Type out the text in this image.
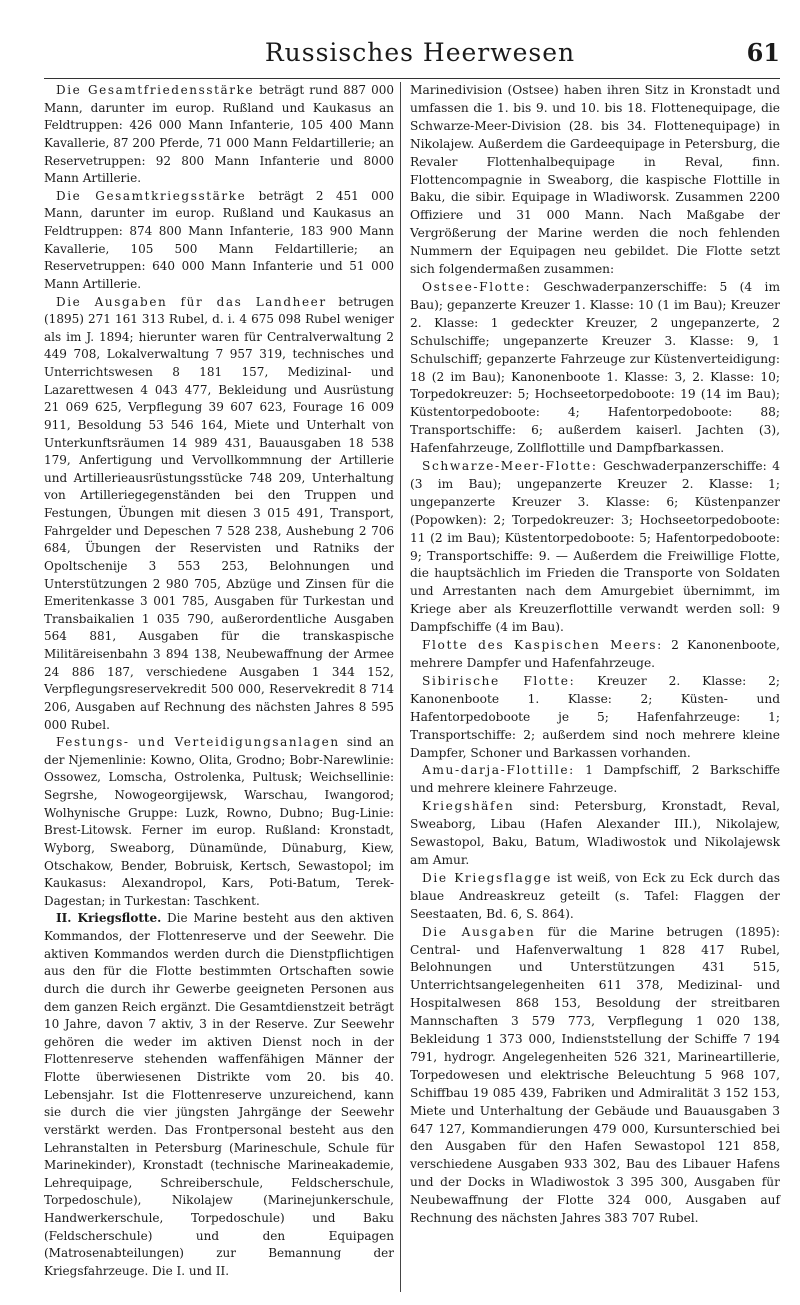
Russisches Heerwesen	61

Die Gesamtfriedensstärke beträgt rund 887 000 Mann, darunter im europ. Rußland und Kaukasus an Feldtruppen: 426 000 Mann Infanterie, 105 400 Mann Kavallerie, 87 200 Pferde, 71 000 Mann Feldartillerie; an Reservetruppen: 92 800 Mann Infanterie und 8000 Mann Artillerie.

Die Gesamtkriegsstärke beträgt 2 451 000 Mann, darunter im europ. Rußland und Kaukasus an Feldtruppen: 874 800 Mann Infanterie, 183 900 Mann Kavallerie, 105 500 Mann Feldartillerie; an Reservetruppen: 640 000 Mann Infanterie und 51 000 Mann Artillerie.

Die Ausgaben für das Landheer betrugen (1895) 271 161 313 Rubel, d. i. 4 675 098 Rubel weniger als im J. 1894; hierunter waren für Centralverwaltung 2 449 708, Lokalverwaltung 7 957 319, technisches und Unterrichtswesen 8 181 157, Medizinal- und Lazarettwesen 4 043 477, Bekleidung und Ausrüstung 21 069 625, Verpflegung 39 607 623, Fourage 16 009 911, Besoldung 53 546 164, Miete und Unterhalt von Unterkunftsräumen 14 989 431, Bauausgaben 18 538 179, Anfertigung und Vervollkommnung der Artillerie und Artillerieausrüstungsstücke 748 209, Unterhaltung von Artilleriegegenständen bei den Truppen und Festungen, Übungen mit diesen 3 015 491, Transport, Fahrgelder und Depeschen 7 528 238, Aushebung 2 706 684, Übungen der Reservisten und Ratniks der Opoltschenije 3 553 253, Belohnungen und Unterstützungen 2 980 705, Abzüge und Zinsen für die Emeritenkasse 3 001 785, Ausgaben für Turkestan und Transbaikalien 1 035 790, außerordentliche Ausgaben 564 881, Ausgaben für die transkaspische Militäreisenbahn 3 894 138, Neubewaffnung der Armee 24 886 187, verschiedene Ausgaben 1 344 152, Verpflegungsreservekredit 500 000, Reservekredit 8 714 206, Ausgaben auf Rechnung des nächsten Jahres 8 595 000 Rubel.

Festungs- und Verteidigungsanlagen sind an der Njemenlinie: Kowno, Olita, Grodno; Bobr-Narewlinie: Ossowez, Lomscha, Ostrolenka, Pultusk; Weichsellinie: Segrshe, Nowogeorgijewsk, Warschau, Iwangorod; Wolhynische Gruppe: Luzk, Rowno, Dubno; Bug-Linie: Brest-Litowsk. Ferner im europ. Rußland: Kronstadt, Wyborg, Sweaborg, Dünamünde, Dünaburg, Kiew, Otschakow, Bender, Bobruisk, Kertsch, Sewastopol; im Kaukasus: Alexandropol, Kars, Poti-Batum, Terek-Dagestan; in Turkestan: Taschkent.

II. Kriegsflotte. Die Marine besteht aus den aktiven Kommandos, der Flottenreserve und der Seewehr. Die aktiven Kommandos werden durch die Dienstpflichtigen aus den für die Flotte bestimmten Ortschaften sowie durch die durch ihr Gewerbe geeigneten Personen aus dem ganzen Reich ergänzt. Die Gesamtdienstzeit beträgt 10 Jahre, davon 7 aktiv, 3 in der Reserve. Zur Seewehr gehören die weder im aktiven Dienst noch in der Flottenreserve stehenden waffenfähigen Männer der Flotte überwiesenen Distrikte vom 20. bis 40. Lebensjahr. Ist die Flottenreserve unzureichend, kann sie durch die vier jüngsten Jahrgänge der Seewehr verstärkt werden. Das Frontpersonal besteht aus den Lehranstalten in Petersburg (Marineschule, Schule für Marinekinder), Kronstadt (technische Marineakademie, Lehrequipage, Schreiberschule, Feldscherschule, Torpedoschule), Nikolajew (Marinejunkerschule, Handwerkerschule, Torpedoschule) und Baku (Feldscherschule) und den Equipagen (Matrosenabteilungen) zur Bemannung der Kriegsfahrzeuge. Die I. und II.

Marinedivision (Ostsee) haben ihren Sitz in Kronstadt und umfassen die 1. bis 9. und 10. bis 18. Flottenequipage, die Schwarze-Meer-Division (28. bis 34. Flottenequipage) in Nikolajew. Außerdem die Gardeequipage in Petersburg, die Revaler Flottenhalbequipage in Reval, finn. Flottencompagnie in Sweaborg, die kaspische Flottille in Baku, die sibir. Equipage in Wladiworsk. Zusammen 2200 Offiziere und 31 000 Mann. Nach Maßgabe der Vergrößerung der Marine werden die noch fehlenden Nummern der Equipagen neu gebildet. Die Flotte setzt sich folgendermaßen zusammen:

Ostsee-Flotte: Geschwaderpanzerschiffe: 5 (4 im Bau); gepanzerte Kreuzer 1. Klasse: 10 (1 im Bau); Kreuzer 2. Klasse: 1 gedeckter Kreuzer, 2 ungepanzerte, 2 Schulschiffe; ungepanzerte Kreuzer 3. Klasse: 9, 1 Schulschiff; gepanzerte Fahrzeuge zur Küstenverteidigung: 18 (2 im Bau); Kanonenboote 1. Klasse: 3, 2. Klasse: 10; Torpedokreuzer: 5; Hochseetorpedoboote: 19 (14 im Bau); Küstentorpedoboote: 4; Hafentorpedoboote: 88; Transportschiffe: 6; außerdem kaiserl. Jachten (3), Hafenfahrzeuge, Zollflottille und Dampfbarkassen.

Schwarze-Meer-Flotte: Geschwaderpanzerschiffe: 4 (3 im Bau); ungepanzerte Kreuzer 2. Klasse: 1; ungepanzerte Kreuzer 3. Klasse: 6; Küstenpanzer (Popowken): 2; Torpedokreuzer: 3; Hochseetorpedoboote: 11 (2 im Bau); Küstentorpedoboote: 5; Hafentorpedoboote: 9; Transportschiffe: 9. — Außerdem die Freiwillige Flotte, die hauptsächlich im Frieden die Transporte von Soldaten und Arrestanten nach dem Amurgebiet übernimmt, im Kriege aber als Kreuzerflottille verwandt werden soll: 9 Dampfschiffe (4 im Bau).

Flotte des Kaspischen Meers: 2 Kanonenboote, mehrere Dampfer und Hafenfahrzeuge.

Sibirische Flotte: Kreuzer 2. Klasse: 2; Kanonenboote 1. Klasse: 2; Küsten- und Hafentorpedoboote je 5; Hafenfahrzeuge: 1; Transportschiffe: 2; außerdem sind noch mehrere kleine Dampfer, Schoner und Barkassen vorhanden.

Amu-darja-Flottille: 1 Dampfschiff, 2 Barkschiffe und mehrere kleinere Fahrzeuge.

Kriegshäfen sind: Petersburg, Kronstadt, Reval, Sweaborg, Libau (Hafen Alexander III.), Nikolajew, Sewastopol, Baku, Batum, Wladiwostok und Nikolajewsk am Amur.

Die Kriegsflagge ist weiß, von Eck zu Eck durch das blaue Andreaskreuz geteilt (s. Tafel: Flaggen der Seestaaten, Bd. 6, S. 864).

Die Ausgaben für die Marine betrugen (1895): Central- und Hafenverwaltung 1 828 417 Rubel, Belohnungen und Unterstützungen 431 515, Unterrichtsangelegenheiten 611 378, Medizinal- und Hospitalwesen 868 153, Besoldung der streitbaren Mannschaften 3 579 773, Verpflegung 1 020 138, Bekleidung 1 373 000, Indienststellung der Schiffe 7 194 791, hydrogr. Angelegenheiten 526 321, Marineartillerie, Torpedowesen und elektrische Beleuchtung 5 968 107, Schiffbau 19 085 439, Fabriken und Admiralität 3 152 153, Miete und Unterhaltung der Gebäude und Bauausgaben 3 647 127, Kommandierungen 479 000, Kursunterschied bei den Ausgaben für den Hafen Sewastopol 121 858, verschiedene Ausgaben 933 302, Bau des Libauer Hafens und der Docks in Wladiwostok 3 395 300, Ausgaben für Neubewaffnung der Flotte 324 000, Ausgaben auf Rechnung des nächsten Jahres 383 707 Rubel.
